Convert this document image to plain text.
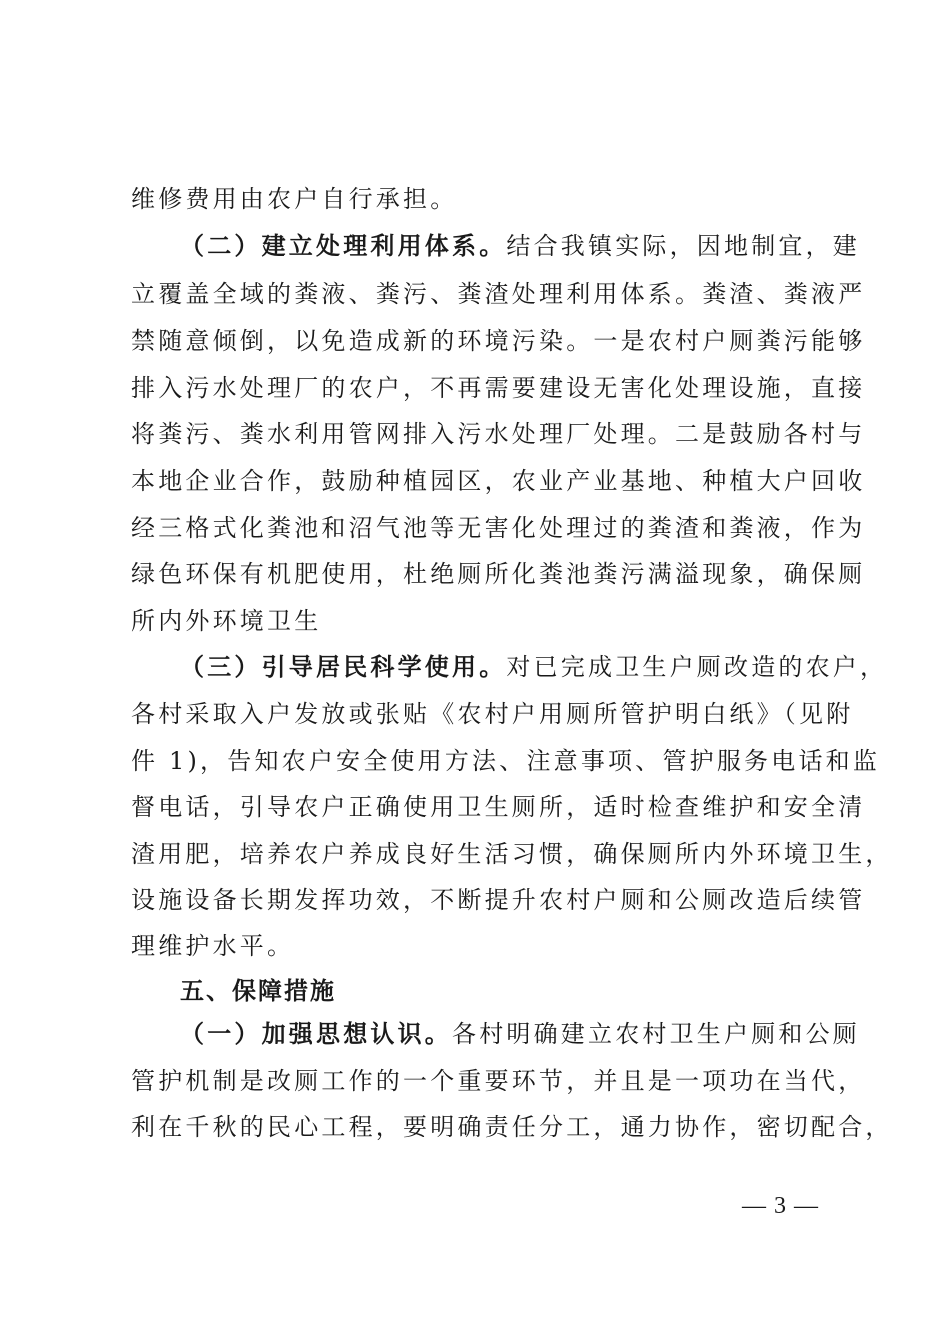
维修费用由农户自行承担。
（二）建立处理利用体系。结合我镇实际，因地制宜，建
立覆盖全域的粪液、粪污、粪渣处理利用体系。粪渣、粪液严
禁随意倾倒，以免造成新的环境污染。一是农村户厕粪污能够
排入污水处理厂的农户，不再需要建设无害化处理设施，直接
将粪污、粪水利用管网排入污水处理厂处理。二是鼓励各村与
本地企业合作，鼓励种植园区，农业产业基地、种植大户回收
经三格式化粪池和沼气池等无害化处理过的粪渣和粪液，作为
绿色环保有机肥使用，杜绝厕所化粪池粪污满溢现象，确保厕
所内外环境卫生
（三）引导居民科学使用。对已完成卫生户厕改造的农户，
各村采取入户发放或张贴《农村户用厕所管护明白纸》（见附
件 1)，告知农户安全使用方法、注意事项、管护服务电话和监
督电话，引导农户正确使用卫生厕所，适时检查维护和安全清
渣用肥，培养农户养成良好生活习惯，确保厕所内外环境卫生，
设施设备长期发挥功效，不断提升农村户厕和公厕改造后续管
理维护水平。
五、保障措施
（一）加强思想认识。各村明确建立农村卫生户厕和公厕
管护机制是改厕工作的一个重要环节，并且是一项功在当代，
利在千秋的民心工程，要明确责任分工，通力协作，密切配合，
— 3 —
